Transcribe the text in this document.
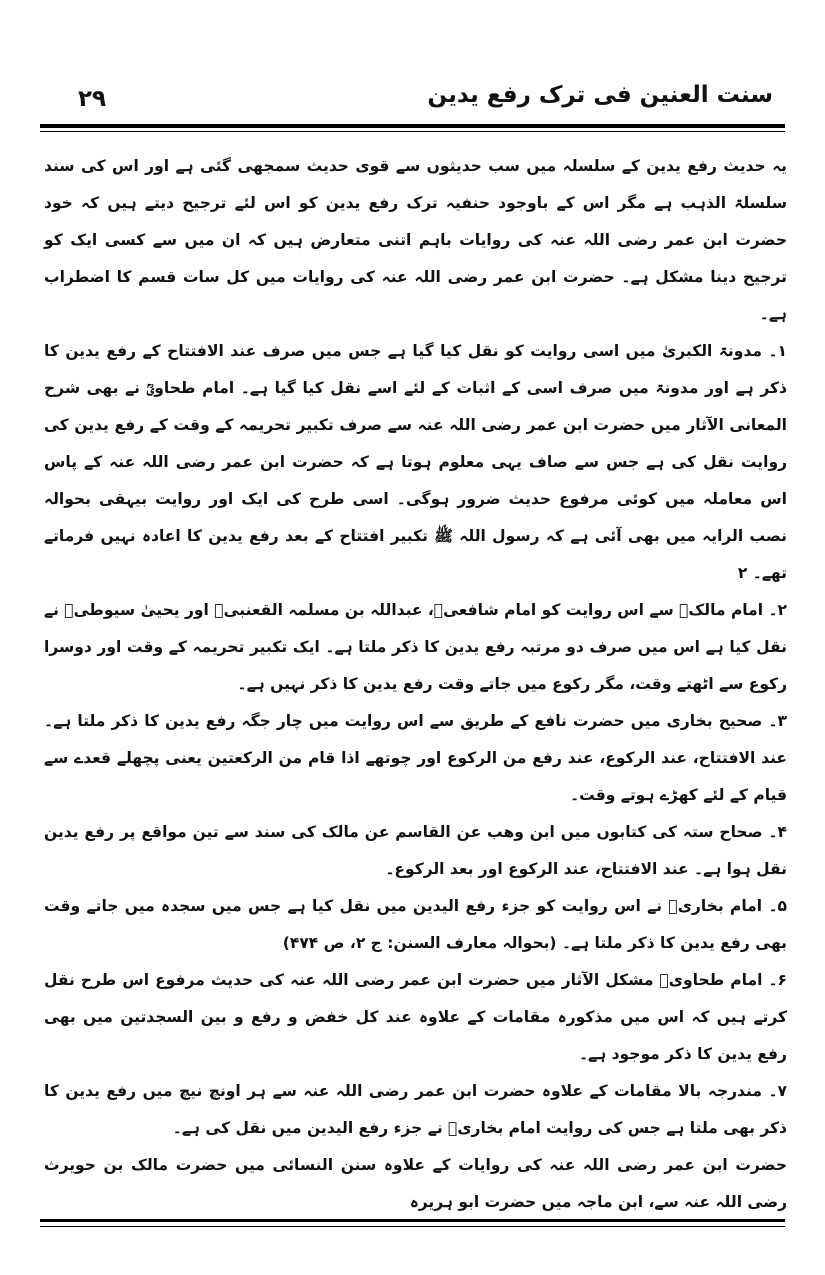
۲۹	سنت العنین فی ترک رفع یدین

یہ حدیث رفع یدین کے سلسلہ میں سب حدیثوں سے قوی حدیث سمجھی گئی ہے اور اس کی سند سلسلۃ الذہب ہے مگر اس کے باوجود حنفیہ ترک رفع یدین کو اس لئے ترجیح دیتے ہیں کہ خود حضرت ابن عمر رضی اللہ عنہ کی روایات باہم اتنی متعارض ہیں کہ ان میں سے کسی ایک کو ترجیح دینا مشکل ہے۔ حضرت ابن عمر رضی اللہ عنہ کی روایات میں کل سات قسم کا اضطراب ہے۔

۱۔ مدونۃ الکبریٰ میں اسی روایت کو نقل کیا گیا ہے جس میں صرف عند الافتتاح کے رفع یدین کا ذکر ہے اور مدونۃ میں صرف اسی کے اثبات کے لئے اسے نقل کیا گیا ہے۔ امام طحاویؒ نے بھی شرح المعانی الآثار میں حضرت ابن عمر رضی اللہ عنہ سے صرف تکبیر تحریمہ کے وقت کے رفع یدین کی روایت نقل کی ہے جس سے صاف یہی معلوم ہوتا ہے کہ حضرت ابن عمر رضی اللہ عنہ کے پاس اس معاملہ میں کوئی مرفوع حدیث ضرور ہوگی۔ اسی طرح کی ایک اور روایت بیہقی بحوالہ نصب الرایہ میں بھی آئی ہے کہ رسول اللہ ﷺ تکبیر افتتاح کے بعد رفع یدین کا اعادہ نہیں فرماتے تھے۔ ۲

۲۔ امام مالکؒ سے اس روایت کو امام شافعیؒ، عبداللہ بن مسلمہ القعنبیؒ اور یحییٰ سیوطیؒ نے نقل کیا ہے اس میں صرف دو مرتبہ رفع یدین کا ذکر ملتا ہے۔ ایک تکبیر تحریمہ کے وقت اور دوسرا رکوع سے اٹھتے وقت، مگر رکوع میں جاتے وقت رفع یدین کا ذکر نہیں ہے۔

۳۔ صحیح بخاری میں حضرت نافع کے طریق سے اس روایت میں چار جگہ رفع یدین کا ذکر ملتا ہے۔ عند الافتتاح، عند الرکوع، عند رفع من الرکوع اور چوتھے اذا قام من الرکعتین یعنی پچھلے قعدے سے قیام کے لئے کھڑے ہوتے وقت۔

۴۔ صحاح ستہ کی کتابوں میں ابن وھب عن القاسم عن مالک کی سند سے تین مواقع پر رفع یدین نقل ہوا ہے۔ عند الافتتاح، عند الرکوع اور بعد الرکوع۔

۵۔ امام بخاریؒ نے اس روایت کو جزء رفع الیدین میں نقل کیا ہے جس میں سجدہ میں جاتے وقت بھی رفع یدین کا ذکر ملتا ہے۔ (بحوالہ معارف السنن: ج ۲، ص ۴۷۴)

۶۔ امام طحاویؒ مشکل الآثار میں حضرت ابن عمر رضی اللہ عنہ کی حدیث مرفوع اس طرح نقل کرتے ہیں کہ اس میں مذکورہ مقامات کے علاوہ عند کل خفض و رفع و بین السجدتین میں بھی رفع یدین کا ذکر موجود ہے۔

۷۔ مندرجہ بالا مقامات کے علاوہ حضرت ابن عمر رضی اللہ عنہ سے ہر اونچ نیچ میں رفع یدین کا ذکر بھی ملتا ہے جس کی روایت امام بخاریؒ نے جزء رفع الیدین میں نقل کی ہے۔

حضرت ابن عمر رضی اللہ عنہ کی روایات کے علاوہ سنن النسائی میں حضرت مالک بن حویرث رضی اللہ عنہ سے، ابن ماجہ میں حضرت ابو ہریرہ
